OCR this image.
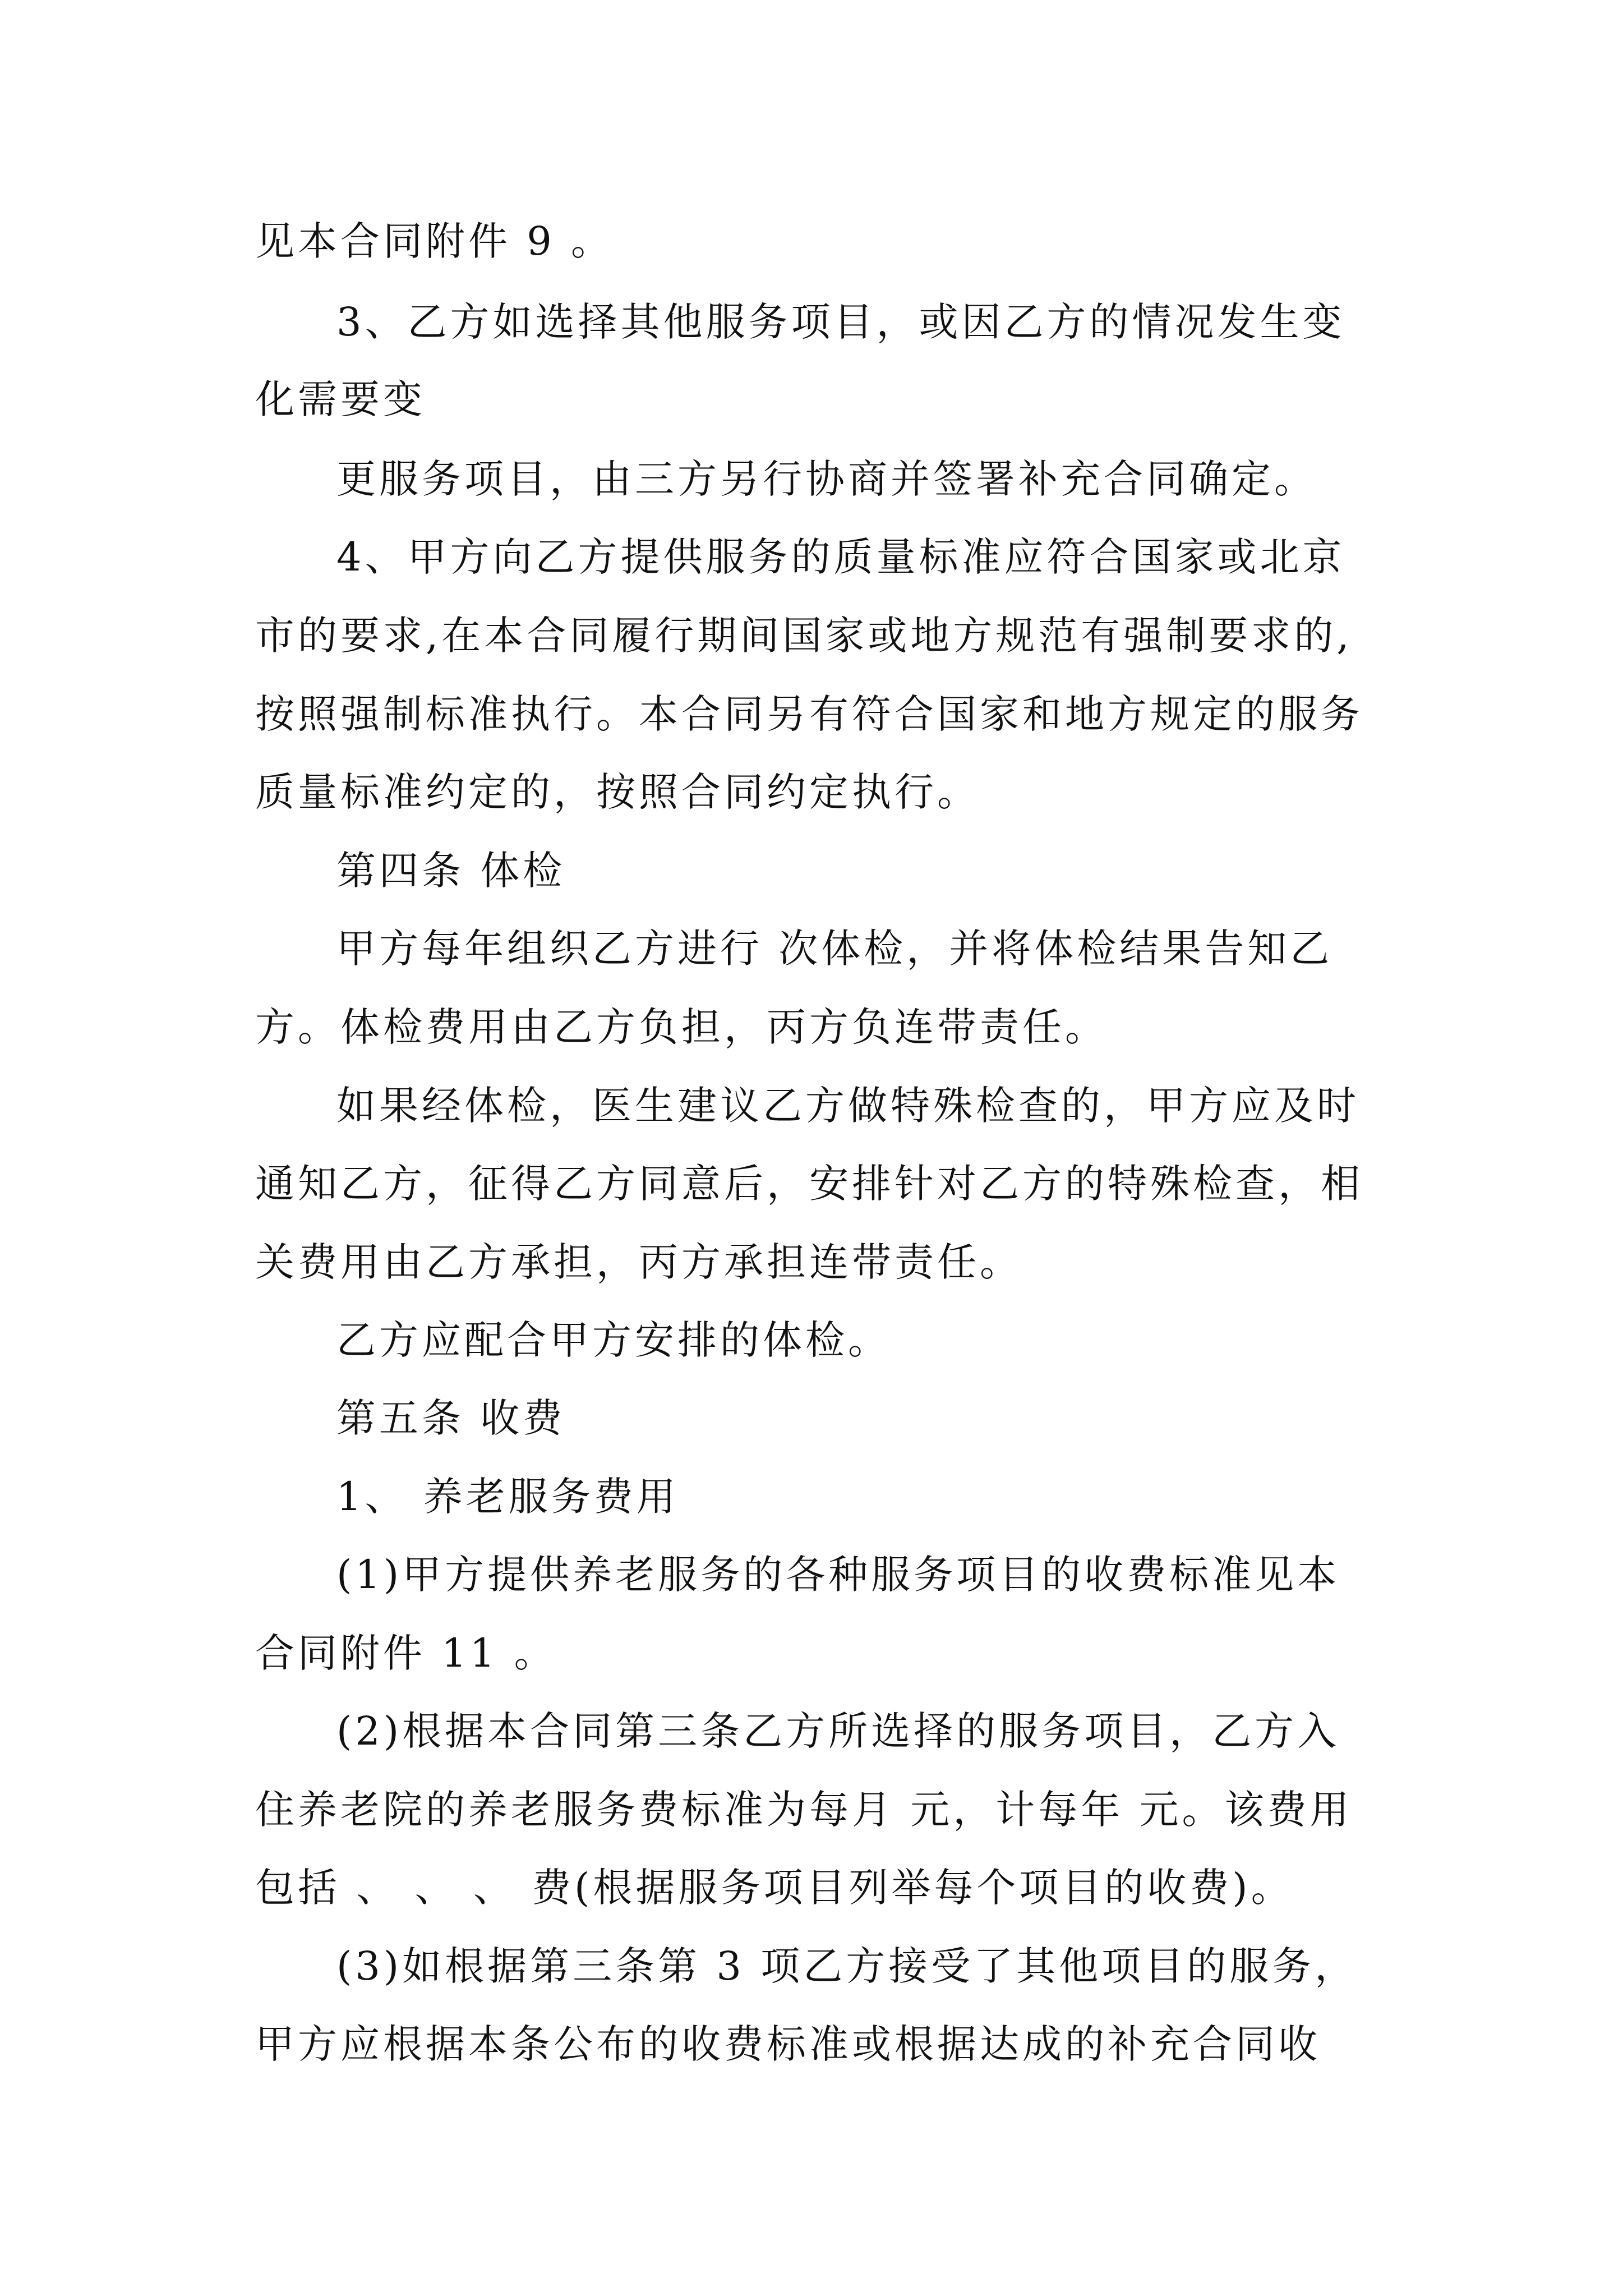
见本合同附件 9 。

3、乙方如选择其他服务项目，或因乙方的情况发生变

化需要变

更服务项目，由三方另行协商并签署补充合同确定。

4、甲方向乙方提供服务的质量标准应符合国家或北京

市的要求,在本合同履行期间国家或地方规范有强制要求的,

按照强制标准执行。本合同另有符合国家和地方规定的服务

质量标准约定的，按照合同约定执行。

第四条 体检

甲方每年组织乙方进行 次体检，并将体检结果告知乙

方。体检费用由乙方负担，丙方负连带责任。

如果经体检，医生建议乙方做特殊检查的，甲方应及时

通知乙方，征得乙方同意后，安排针对乙方的特殊检查，相

关费用由乙方承担，丙方承担连带责任。

乙方应配合甲方安排的体检。

第五条 收费

1、 养老服务费用

(1)甲方提供养老服务的各种服务项目的收费标准见本

合同附件 11 。

(2)根据本合同第三条乙方所选择的服务项目，乙方入

住养老院的养老服务费标准为每月 元，计每年 元。该费用

包括 、 、 、 费(根据服务项目列举每个项目的收费)。

(3)如根据第三条第 3 项乙方接受了其他项目的服务，

甲方应根据本条公布的收费标准或根据达成的补充合同收
